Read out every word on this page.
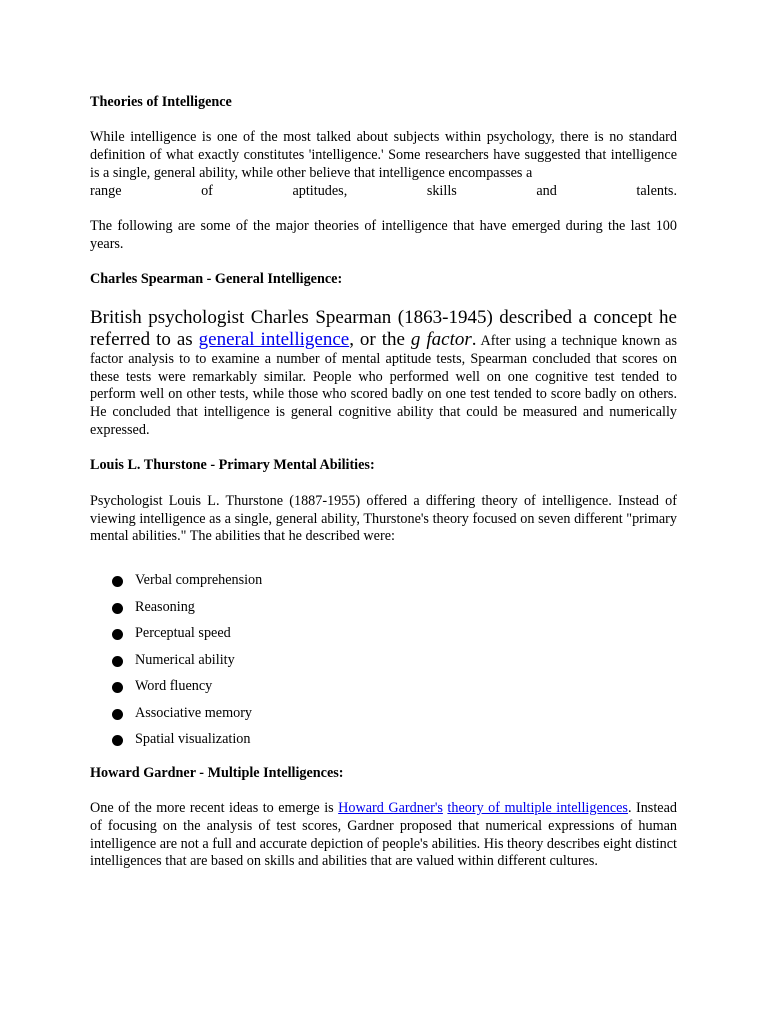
Theories of Intelligence

While intelligence is one of the most talked about subjects within psychology, there is no standard definition of what exactly constitutes 'intelligence.' Some researchers have suggested that intelligence is a single, general ability, while other believe that intelligence encompasses a

range of aptitudes, skills and talents.

The following are some of the major theories of intelligence that have emerged during the last 100 years.

Charles Spearman - General Intelligence:

British psychologist Charles Spearman (1863-1945) described a concept he referred to as general intelligence, or the g factor. After using a technique known as factor analysis to to examine a number of mental aptitude tests, Spearman concluded that scores on these tests were remarkably similar. People who performed well on one cognitive test tended to perform well on other tests, while those who scored badly on one test tended to score badly on others. He concluded that intelligence is general cognitive ability that could be measured and numerically expressed.

Louis L. Thurstone - Primary Mental Abilities:

Psychologist Louis L. Thurstone (1887-1955) offered a differing theory of intelligence. Instead of viewing intelligence as a single, general ability, Thurstone's theory focused on seven different "primary mental abilities." The abilities that he described were:

Verbal comprehension
Reasoning
Perceptual speed
Numerical ability
Word fluency
Associative memory
Spatial visualization

Howard Gardner - Multiple Intelligences:

One of the more recent ideas to emerge is Howard Gardner's theory of multiple intelligences. Instead of focusing on the analysis of test scores, Gardner proposed that numerical expressions of human intelligence are not a full and accurate depiction of people's abilities. His theory describes eight distinct intelligences that are based on skills and abilities that are valued within different cultures.
